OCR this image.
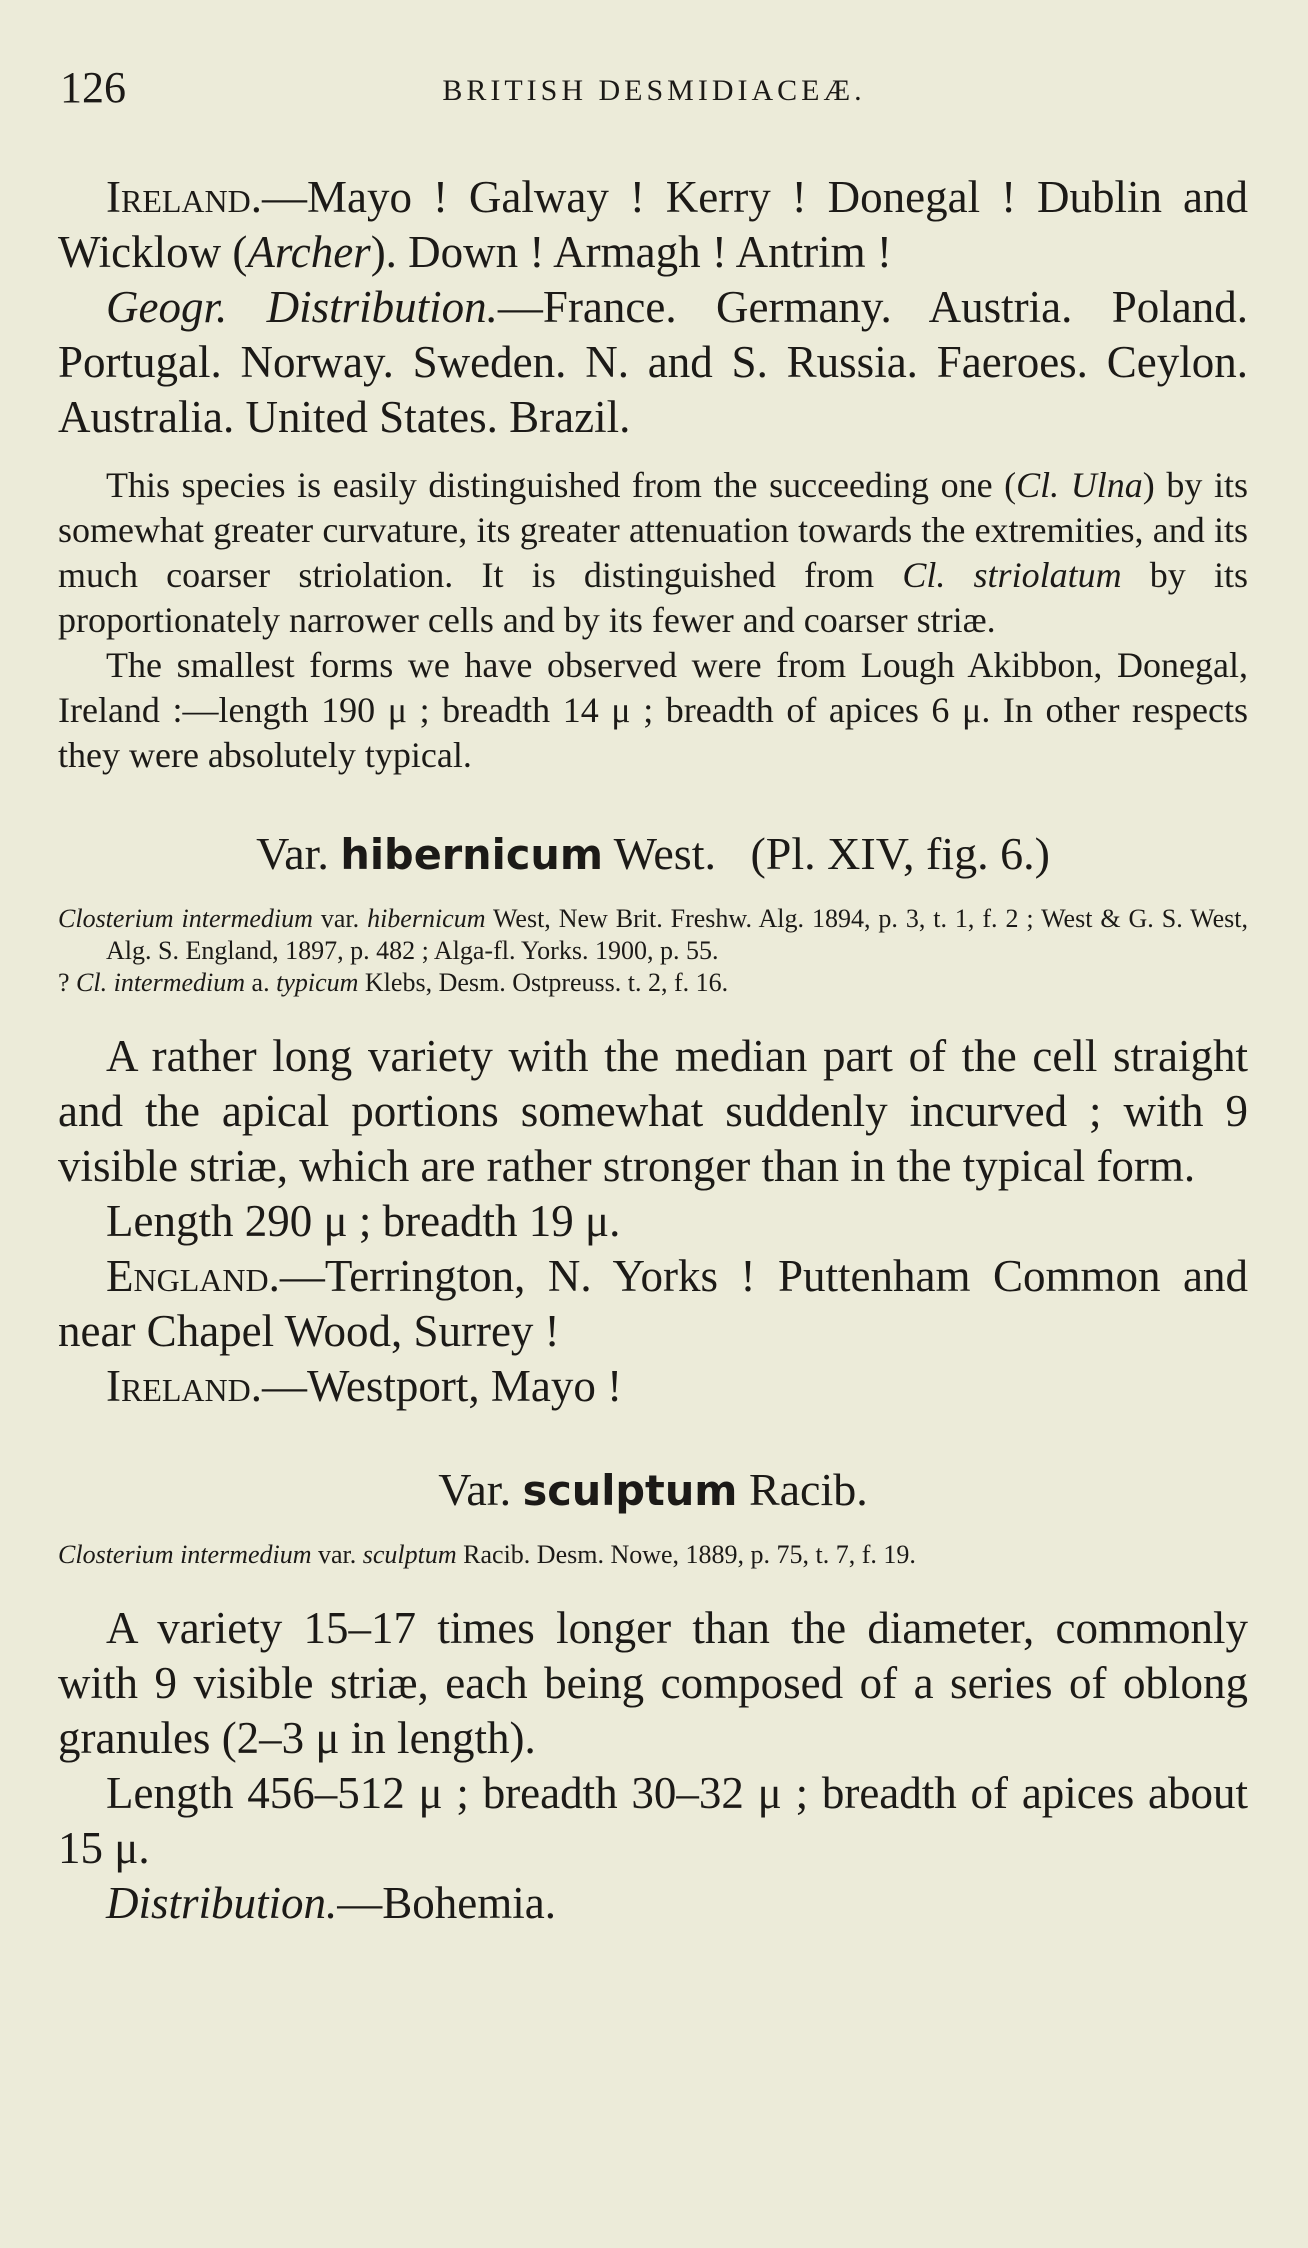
126	BRITISH DESMIDIACEÆ.

Ireland.—Mayo ! Galway ! Kerry ! Donegal ! Dublin and Wicklow (Archer). Down ! Armagh ! Antrim !

Geogr. Distribution.—France. Germany. Austria. Poland. Portugal. Norway. Sweden. N. and S. Russia. Faeroes. Ceylon. Australia. United States. Brazil.

This species is easily distinguished from the succeeding one (Cl. Ulna) by its somewhat greater curvature, its greater attenuation towards the extremities, and its much coarser striolation. It is distinguished from Cl. striolatum by its proportionately narrower cells and by its fewer and coarser striæ.

The smallest forms we have observed were from Lough Akibbon, Donegal, Ireland :—length 190 μ ; breadth 14 μ ; breadth of apices 6 μ. In other respects they were absolutely typical.

Var. hibernicum West. (Pl. XIV, fig. 6.)

Closterium intermedium var. hibernicum West, New Brit. Freshw. Alg. 1894, p. 3, t. 1, f. 2 ; West & G. S. West, Alg. S. England, 1897, p. 482 ; Alga-fl. Yorks. 1900, p. 55.

? Cl. intermedium a. typicum Klebs, Desm. Ostpreuss. t. 2, f. 16.

A rather long variety with the median part of the cell straight and the apical portions somewhat suddenly incurved ; with 9 visible striæ, which are rather stronger than in the typical form.

Length 290 μ ; breadth 19 μ.

England.—Terrington, N. Yorks ! Puttenham Common and near Chapel Wood, Surrey !

Ireland.—Westport, Mayo !

Var. sculptum Racib.

Closterium intermedium var. sculptum Racib. Desm. Nowe, 1889, p. 75, t. 7, f. 19.

A variety 15–17 times longer than the diameter, commonly with 9 visible striæ, each being composed of a series of oblong granules (2–3 μ in length).

Length 456–512 μ ; breadth 30–32 μ ; breadth of apices about 15 μ.

Distribution.—Bohemia.
